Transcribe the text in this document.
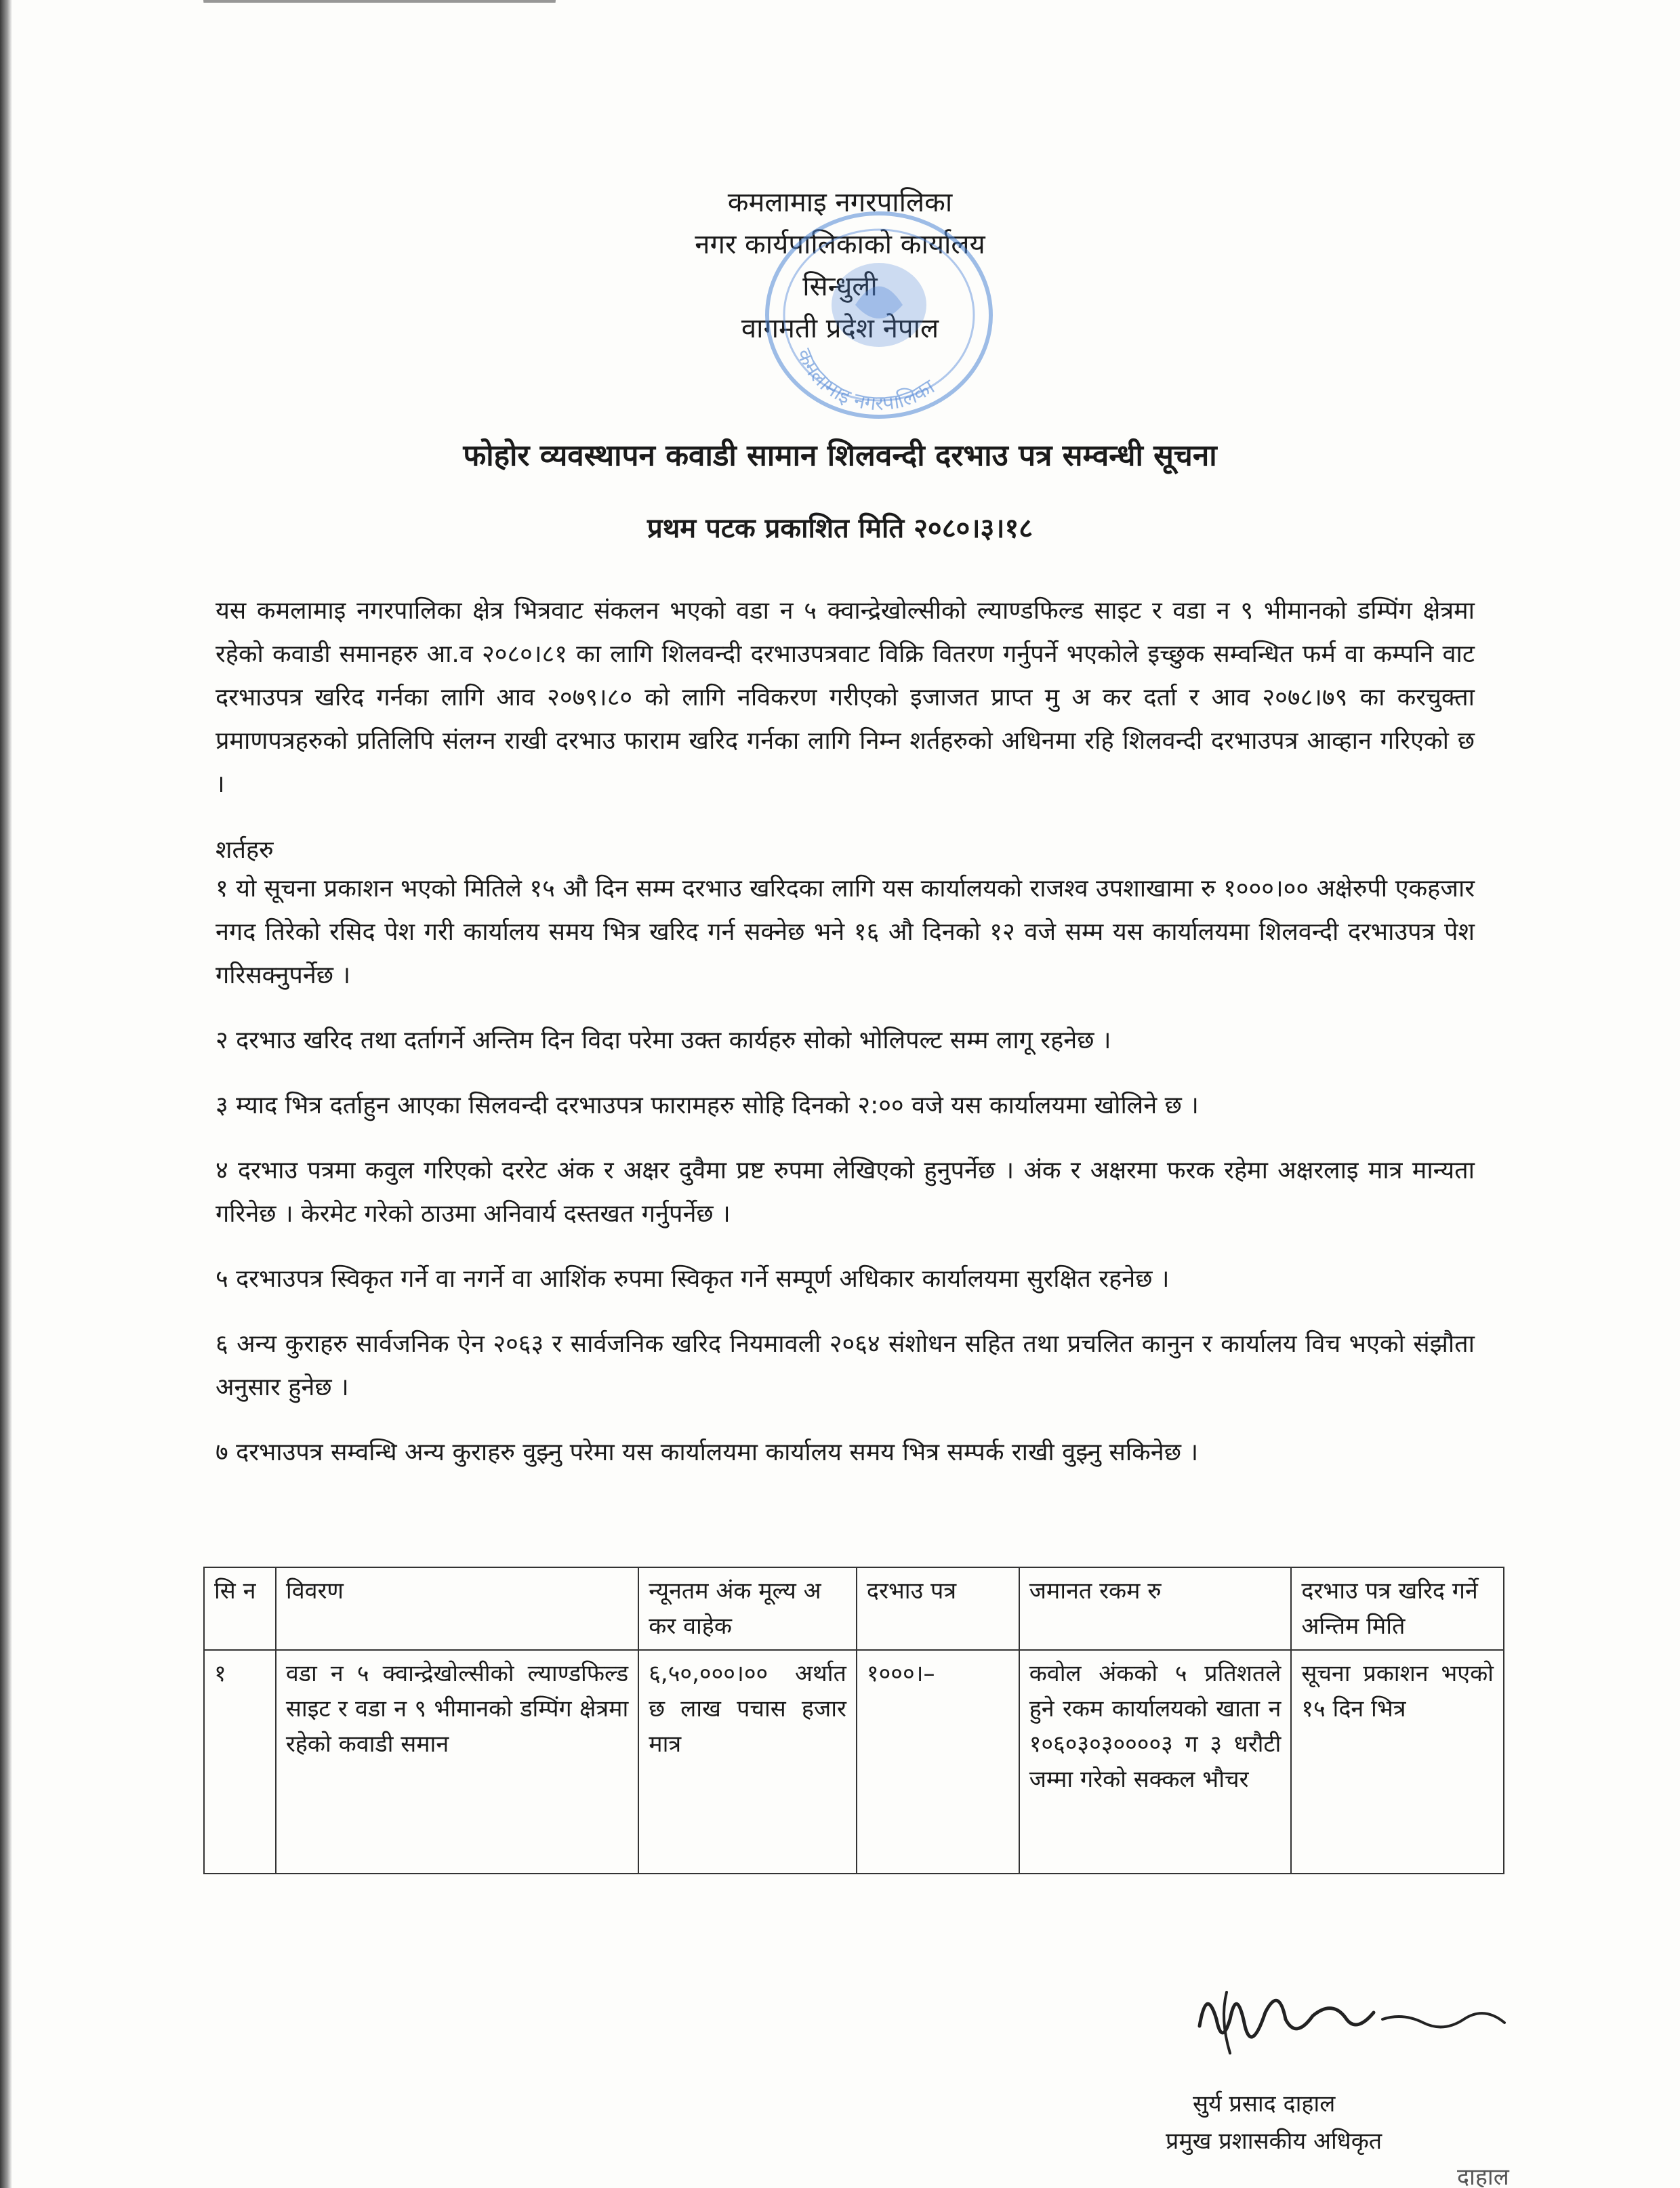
कमलामाइ नगरपालिका
नगर कार्यपालिकाको कार्यालय
सिन्धुली
वागमती प्रदेश नेपाल
कमलामाइ नगरपालिका
फोहोर व्यवस्थापन कवाडी सामान शिलवन्दी दरभाउ पत्र सम्वन्धी सूचना
प्रथम पटक प्रकाशित मिति २०८०।३।१८

यस कमलामाइ नगरपालिका क्षेत्र भित्रवाट संकलन भएको वडा न ५ क्वान्द्रेखोल्सीको ल्याण्डफिल्ड साइट र वडा न ९ भीमानको डम्पिंग क्षेत्रमा रहेको कवाडी समानहरु आ.व २०८०।८१ का लागि शिलवन्दी दरभाउपत्रवाट विक्रि वितरण गर्नुपर्ने भएकोले इच्छुक सम्वन्धित फर्म वा कम्पनि वाट दरभाउपत्र खरिद गर्नका लागि आव २०७९।८० को लागि नविकरण गरीएको इजाजत प्राप्त मु अ कर दर्ता र आव २०७८।७९ का करचुक्ता प्रमाणपत्रहरुको प्रतिलिपि संलग्न राखी दरभाउ फाराम खरिद गर्नका लागि निम्न शर्तहरुको अधिनमा रहि शिलवन्दी दरभाउपत्र आव्हान गरिएको छ ।

शर्तहरु

१ यो सूचना प्रकाशन भएको मितिले १५ औ दिन सम्म दरभाउ खरिदका लागि यस कार्यालयको राजश्व उपशाखामा रु १०००।०० अक्षेरुपी एकहजार नगद तिरेको रसिद पेश गरी कार्यालय समय भित्र खरिद गर्न सक्नेछ भने १६ औ दिनको १२ वजे सम्म यस कार्यालयमा शिलवन्दी दरभाउपत्र पेश गरिसक्नुपर्नेछ ।

२ दरभाउ खरिद तथा दर्तागर्ने अन्तिम दिन विदा परेमा उक्त कार्यहरु सोको भोलिपल्ट सम्म लागू रहनेछ ।

३ म्याद भित्र दर्ताहुन आएका सिलवन्दी दरभाउपत्र फारामहरु सोहि दिनको २:०० वजे यस कार्यालयमा खोलिने छ ।

४ दरभाउ पत्रमा कवुल गरिएको दररेट अंक र अक्षर दुवैमा प्रष्ट रुपमा लेखिएको हुनुपर्नेछ । अंक र अक्षरमा फरक रहेमा अक्षरलाइ मात्र मान्यता गरिनेछ । केरमेट गरेको ठाउमा अनिवार्य दस्तखत गर्नुपर्नेछ ।

५ दरभाउपत्र स्विकृत गर्ने वा नगर्ने वा आशिंक रुपमा स्विकृत गर्ने सम्पूर्ण अधिकार कार्यालयमा सुरक्षित रहनेछ ।

६ अन्य कुराहरु सार्वजनिक ऐन २०६३ र सार्वजनिक खरिद नियमावली २०६४ संशोधन सहित तथा प्रचलित कानुन र कार्यालय विच भएको संझौता अनुसार हुनेछ ।

७ दरभाउपत्र सम्वन्धि अन्य कुराहरु वुझ्नु परेमा यस कार्यालयमा कार्यालय समय भित्र सम्पर्क राखी वुझ्नु सकिनेछ ।

सि न	विवरण	न्यूनतम अंक मूल्य अ कर वाहेक	दरभाउ पत्र	जमानत रकम रु	दरभाउ पत्र खरिद गर्ने अन्तिम मिति
१	वडा न ५ क्वान्द्रेखोल्सीको ल्याण्डफिल्ड साइट र वडा न ९ भीमानको डम्पिंग क्षेत्रमा रहेको कवाडी समान	६,५०,०००।०० अर्थात छ लाख पचास हजार मात्र	१०००।–	कवोल अंकको ५ प्रतिशतले हुने रकम कार्यालयको खाता न १०६०३०३००००३ ग ३ धरौटी जम्मा गरेको सक्कल भौचर	सूचना प्रकाशन भएको १५ दिन भित्र
सुर्य प्रसाद दाहाल
प्रमुख प्रशासकीय अधिकृत
दाहाल
